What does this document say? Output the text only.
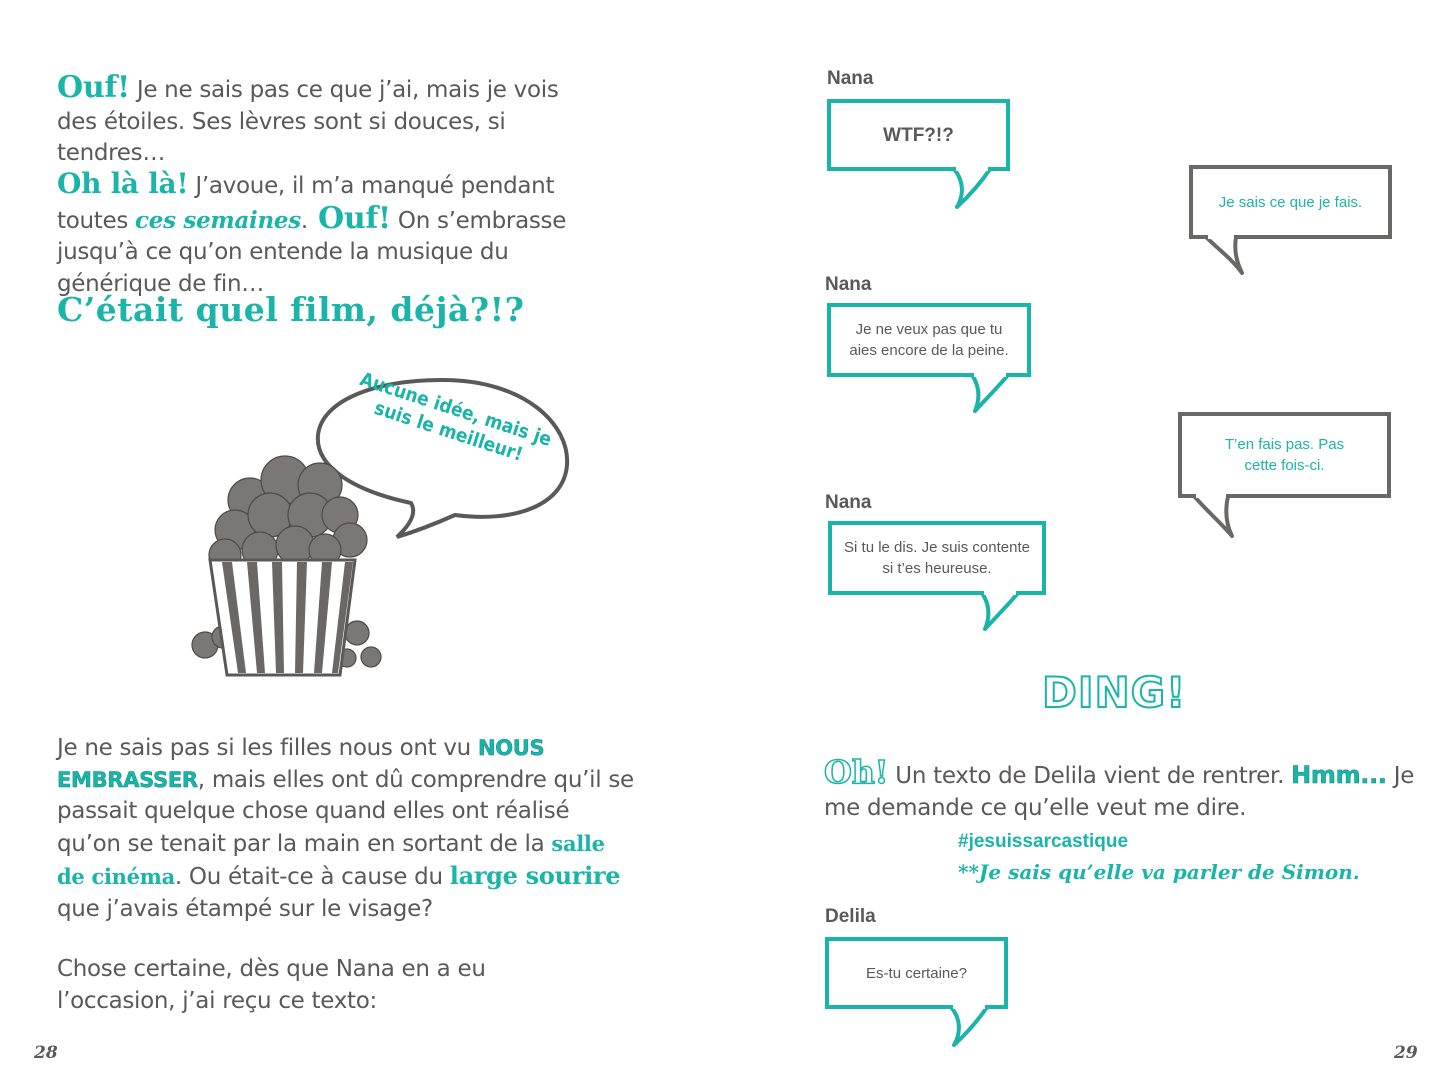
Ouf! Je ne sais pas ce que j’ai, mais je vois des étoiles. Ses lèvres sont si douces, si tendres…
Oh là là! J’avoue, il m’a manqué pendant toutes ces semaines. Ouf! On s’embrasse jusqu’à ce qu’on entende la musique du générique de fin…
C’était quel film, déjà?!?
Aucune idée, mais je suis le meilleur!
Je ne sais pas si les filles nous ont vu NOUS EMBRASSER, mais elles ont dû comprendre qu’il se passait quelque chose quand elles ont réalisé qu’on se tenait par la main en sortant de la salle de cinéma. Ou était-ce à cause du large sourire que j’avais étampé sur le visage?
Chose certaine, dès que Nana en a eu l’occasion, j’ai reçu ce texto:
28
Nana
WTF?!?
Je sais ce que je fais.
Nana
Je ne veux pas que tu aies encore de la peine.
T’en fais pas. Pas cette fois-ci.
Nana
Si tu le dis. Je suis contente si t’es heureuse.
DING!
Oh! Un texto de Delila vient de rentrer. Hmm... Je me demande ce qu’elle veut me dire.
#jesuissarcastique
**Je sais qu’elle va parler de Simon.
Delila
Es-tu certaine?
29
